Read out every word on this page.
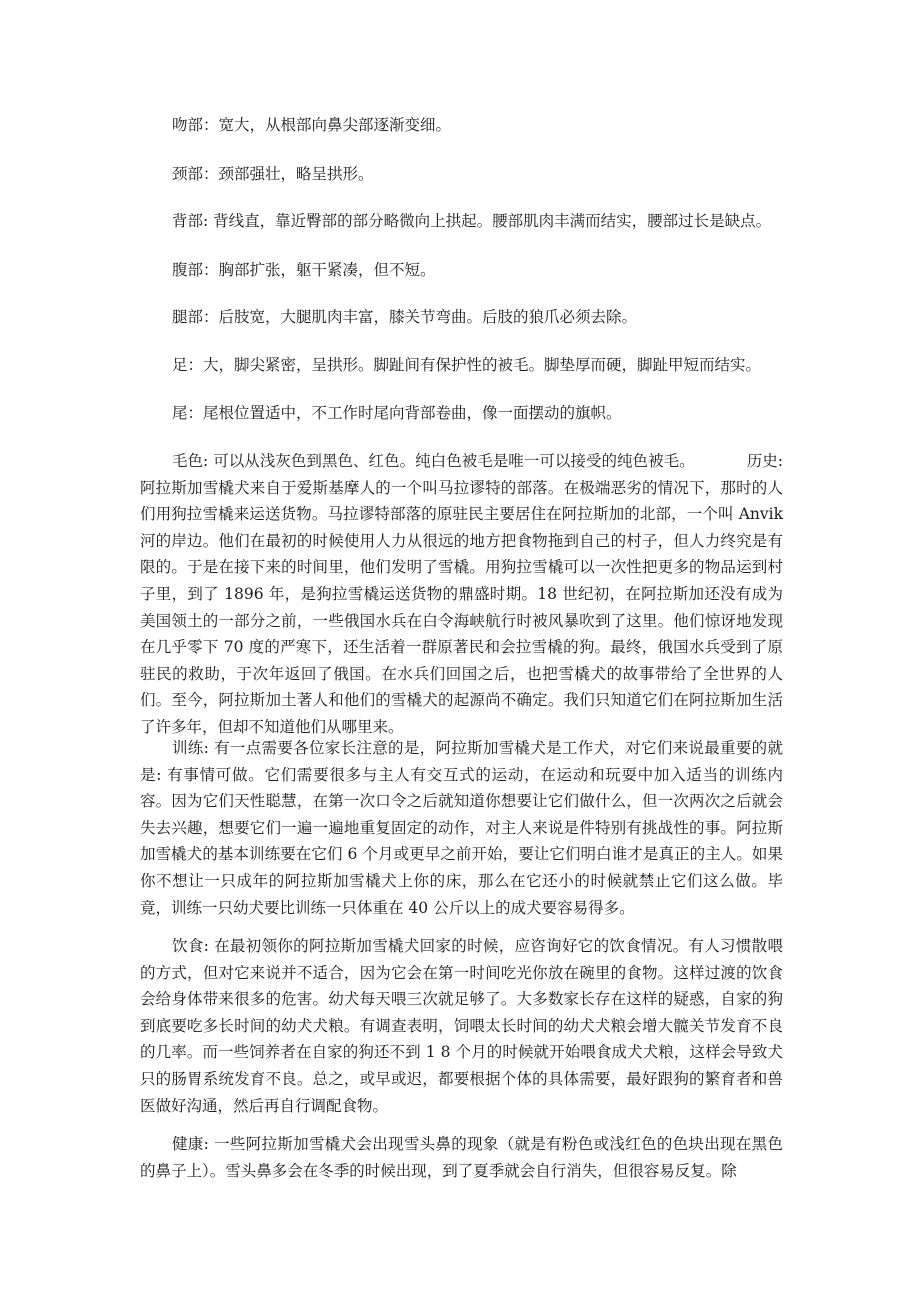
吻部：宽大，从根部向鼻尖部逐渐变细。
颈部：颈部强壮，略呈拱形。
背部: 背线直，靠近臀部的部分略微向上拱起。腰部肌肉丰满而结实，腰部过长是缺点。
腹部：胸部扩张，躯干紧凑，但不短。
腿部：后肢宽，大腿肌肉丰富，膝关节弯曲。后肢的狼爪必须去除。
足：大，脚尖紧密，呈拱形。脚趾间有保护性的被毛。脚垫厚而硬，脚趾甲短而结实。
尾：尾根位置适中，不工作时尾向背部卷曲，像一面摆动的旗帜。
毛色: 可以从浅灰色到黑色、红色。纯白色被毛是唯一可以接受的纯色被毛。	历史: 阿拉斯加雪橇犬来自于爱斯基摩人的一个叫马拉谬特的部落。在极端恶劣的情况下，那时的人们用狗拉雪橇来运送货物。马拉谬特部落的原驻民主要居住在阿拉斯加的北部，一个叫 Anvik 河的岸边。他们在最初的时候使用人力从很远的地方把食物拖到自己的村子，但人力终究是有限的。于是在接下来的时间里，他们发明了雪橇。用狗拉雪橇可以一次性把更多的物品运到村子里，到了 1896 年，是狗拉雪橇运送货物的鼎盛时期。18 世纪初，在阿拉斯加还没有成为美国领土的一部分之前，一些俄国水兵在白令海峡航行时被风暴吹到了这里。他们惊讶地发现在几乎零下 70 度的严寒下，还生活着一群原著民和会拉雪橇的狗。最终，俄国水兵受到了原驻民的救助，于次年返回了俄国。在水兵们回国之后，也把雪橇犬的故事带给了全世界的人们。至今，阿拉斯加土著人和他们的雪橇犬的起源尚不确定。我们只知道它们在阿拉斯加生活了许多年，但却不知道他们从哪里来。
训练: 有一点需要各位家长注意的是，阿拉斯加雪橇犬是工作犬，对它们来说最重要的就是: 有事情可做。它们需要很多与主人有交互式的运动，在运动和玩耍中加入适当的训练内容。因为它们天性聪慧，在第一次口令之后就知道你想要让它们做什么，但一次两次之后就会失去兴趣，想要它们一遍一遍地重复固定的动作，对主人来说是件特别有挑战性的事。阿拉斯加雪橇犬的基本训练要在它们 6 个月或更早之前开始，要让它们明白谁才是真正的主人。如果你不想让一只成年的阿拉斯加雪橇犬上你的床，那么在它还小的时候就禁止它们这么做。毕竟，训练一只幼犬要比训练一只体重在 40 公斤以上的成犬要容易得多。
饮食: 在最初领你的阿拉斯加雪橇犬回家的时候，应咨询好它的饮食情况。有人习惯散喂的方式，但对它来说并不适合，因为它会在第一时间吃光你放在碗里的食物。这样过渡的饮食会给身体带来很多的危害。幼犬每天喂三次就足够了。大多数家长存在这样的疑惑，自家的狗到底要吃多长时间的幼犬犬粮。有调查表明，饲喂太长时间的幼犬犬粮会增大髋关节发育不良的几率。而一些饲养者在自家的狗还不到 1 8 个月的时候就开始喂食成犬犬粮，这样会导致犬只的肠胃系统发育不良。总之，或早或迟，都要根据个体的具体需要，最好跟狗的繁育者和兽医做好沟通，然后再自行调配食物。
健康: 一些阿拉斯加雪橇犬会出现雪头鼻的现象（就是有粉色或浅红色的色块出现在黑色的鼻子上）。雪头鼻多会在冬季的时候出现，到了夏季就会自行消失，但很容易反复。除
